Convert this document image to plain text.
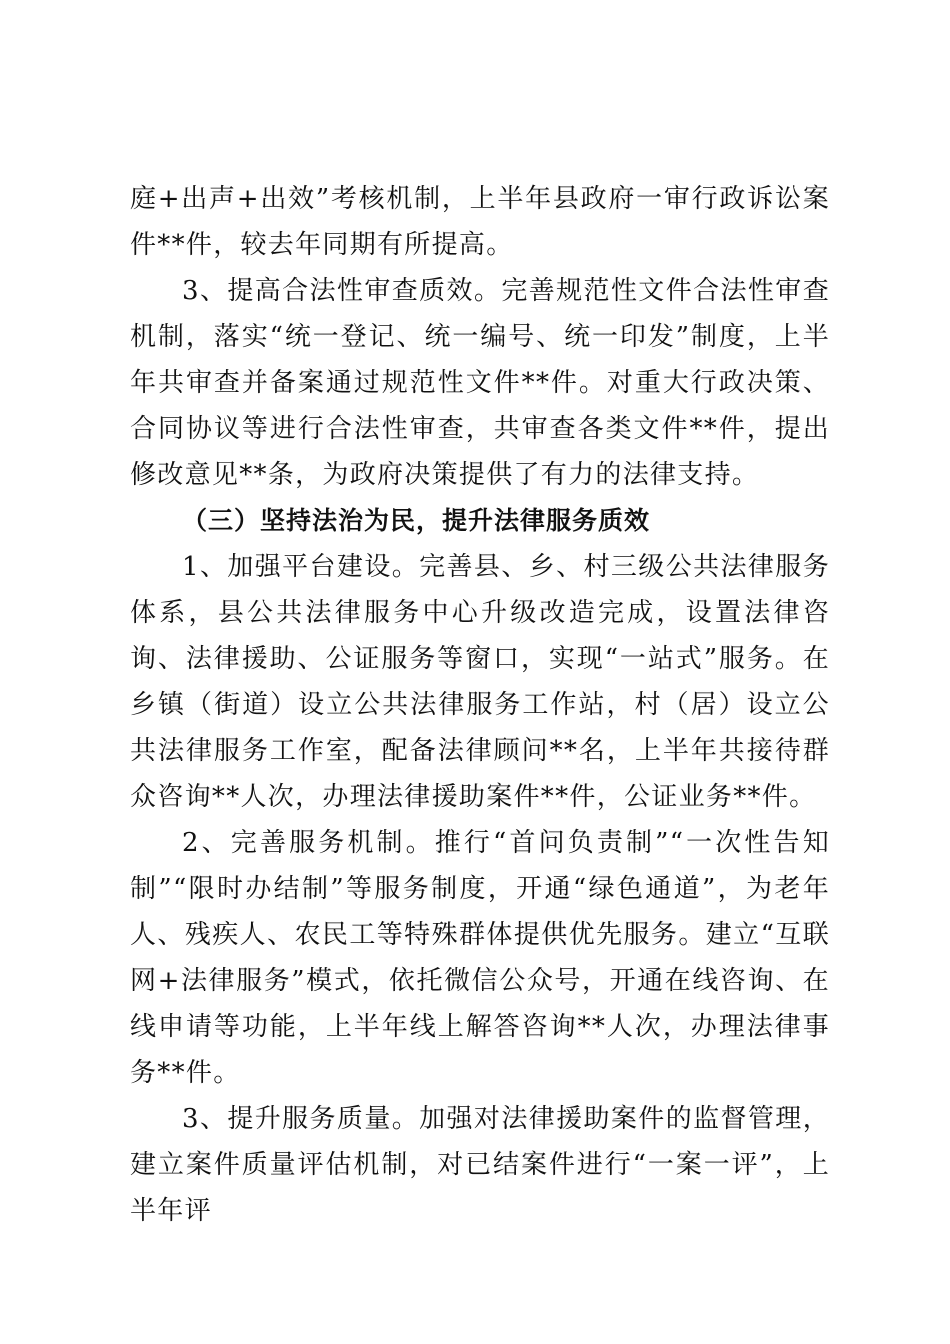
庭+出声+出效”考核机制，上半年县政府一审行政诉讼案件**件，较去年同期有所提高。

3、提高合法性审查质效。完善规范性文件合法性审查机制，落实“统一登记、统一编号、统一印发”制度，上半年共审查并备案通过规范性文件**件。对重大行政决策、合同协议等进行合法性审查，共审查各类文件**件，提出修改意见**条，为政府决策提供了有力的法律支持。

（三）坚持法治为民，提升法律服务质效

1、加强平台建设。完善县、乡、村三级公共法律服务体系，县公共法律服务中心升级改造完成，设置法律咨询、法律援助、公证服务等窗口，实现“一站式”服务。在乡镇（街道）设立公共法律服务工作站，村（居）设立公共法律服务工作室，配备法律顾问**名，上半年共接待群众咨询**人次，办理法律援助案件**件，公证业务**件。

2、完善服务机制。推行“首问负责制”“一次性告知制”“限时办结制”等服务制度，开通“绿色通道”，为老年人、残疾人、农民工等特殊群体提供优先服务。建立“互联网+法律服务”模式，依托微信公众号，开通在线咨询、在线申请等功能，上半年线上解答咨询**人次，办理法律事务**件。

3、提升服务质量。加强对法律援助案件的监督管理，建立案件质量评估机制，对已结案件进行“一案一评”，上半年评
